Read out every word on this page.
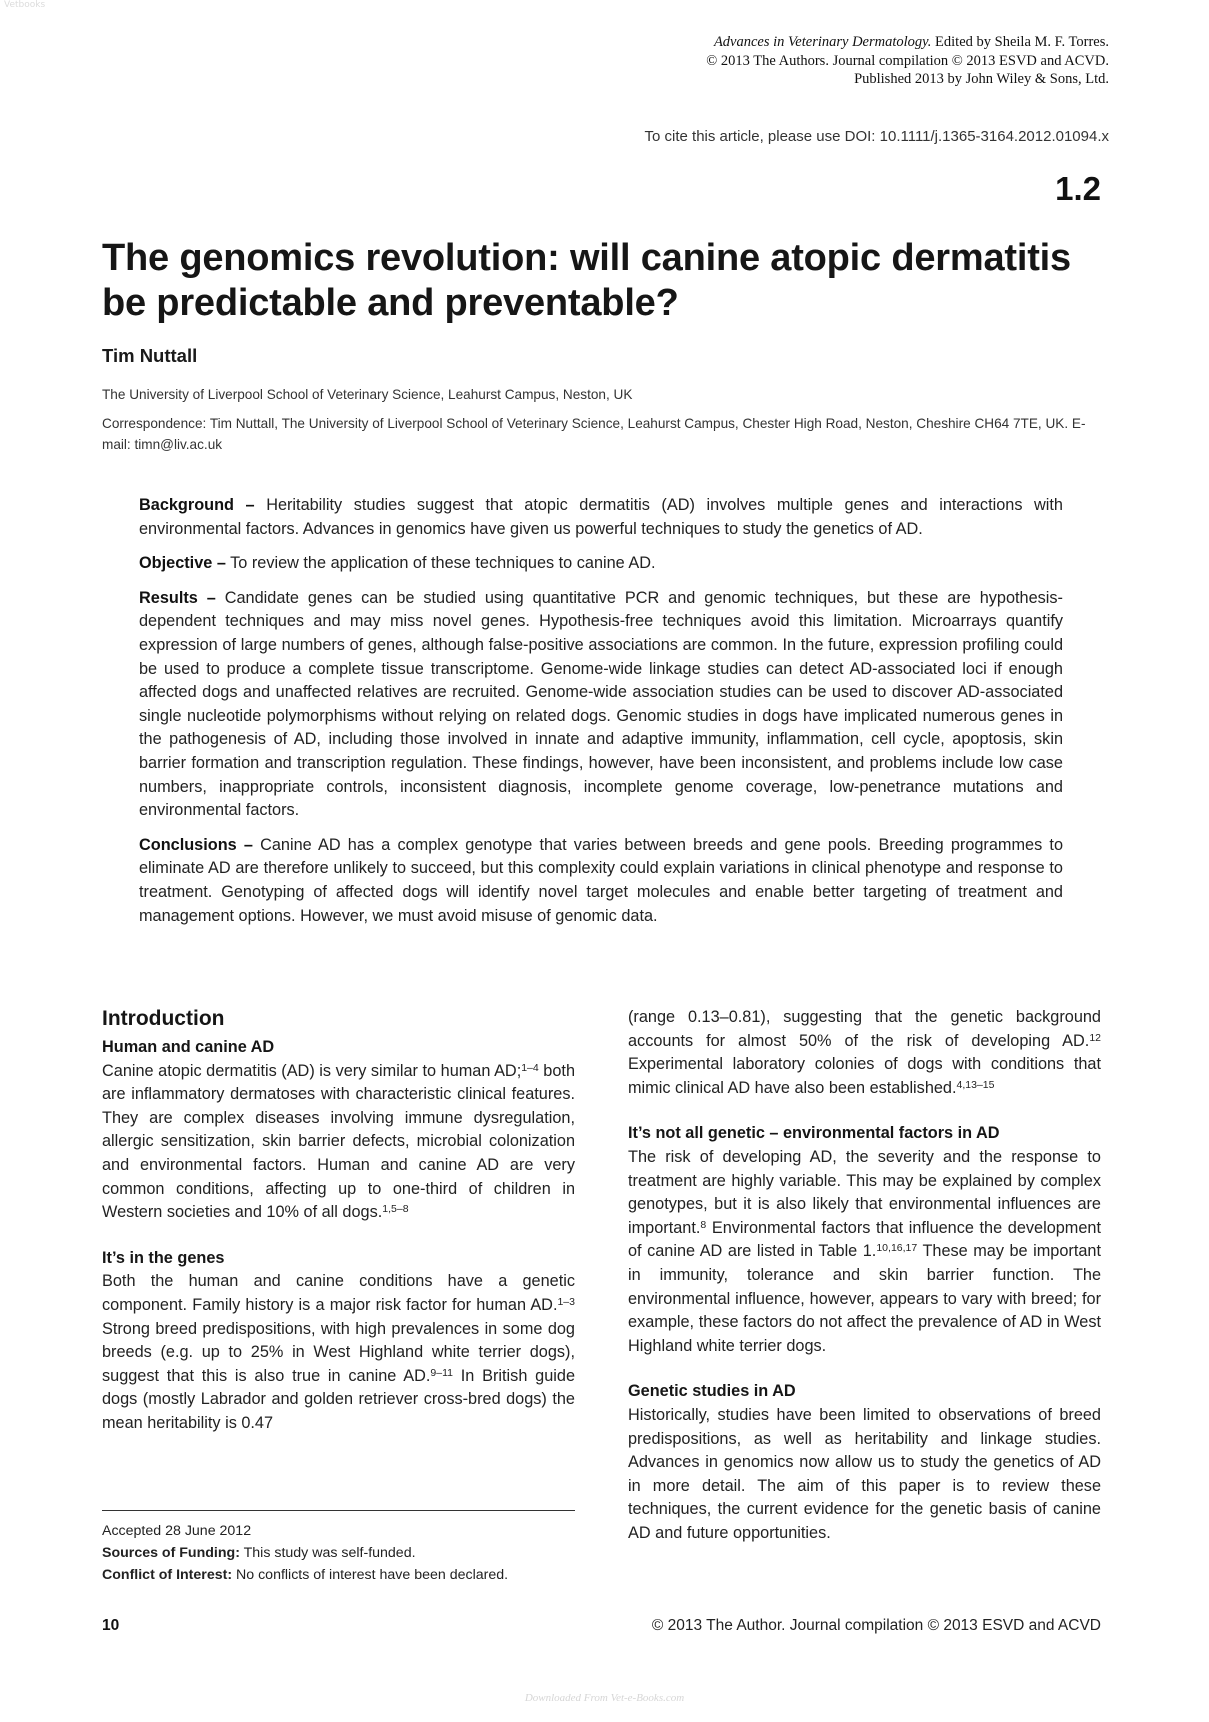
Vetbooks
Advances in Veterinary Dermatology. Edited by Sheila M. F. Torres.
© 2013 The Authors. Journal compilation © 2013 ESVD and ACVD.
Published 2013 by John Wiley & Sons, Ltd.
To cite this article, please use DOI: 10.1111/j.1365-3164.2012.01094.x
1.2
The genomics revolution: will canine atopic dermatitis
be predictable and preventable?
Tim Nuttall
The University of Liverpool School of Veterinary Science, Leahurst Campus, Neston, UK
Correspondence: Tim Nuttall, The University of Liverpool School of Veterinary Science, Leahurst Campus, Chester High Road, Neston, Cheshire CH64 7TE, UK. E-mail: timn@liv.ac.uk

Background – Heritability studies suggest that atopic dermatitis (AD) involves multiple genes and interactions with environmental factors. Advances in genomics have given us powerful techniques to study the genetics of AD.

Objective – To review the application of these techniques to canine AD.

Results – Candidate genes can be studied using quantitative PCR and genomic techniques, but these are hypothesis-dependent techniques and may miss novel genes. Hypothesis-free techniques avoid this limitation. Microarrays quantify expression of large numbers of genes, although false-positive associations are common. In the future, expression profiling could be used to produce a complete tissue transcriptome. Genome-wide linkage studies can detect AD-associated loci if enough affected dogs and unaffected relatives are recruited. Genome-wide association studies can be used to discover AD-associated single nucleotide polymorphisms without relying on related dogs. Genomic studies in dogs have implicated numerous genes in the pathogenesis of AD, including those involved in innate and adaptive immunity, inflammation, cell cycle, apoptosis, skin barrier formation and transcription regulation. These findings, however, have been inconsistent, and problems include low case numbers, inappropriate controls, inconsistent diagnosis, incomplete genome coverage, low-penetrance mutations and environmental factors.

Conclusions – Canine AD has a complex genotype that varies between breeds and gene pools. Breeding programmes to eliminate AD are therefore unlikely to succeed, but this complexity could explain variations in clinical phenotype and response to treatment. Genotyping of affected dogs will identify novel target molecules and enable better targeting of treatment and management options. However, we must avoid misuse of genomic data.

Introduction
Human and canine AD

Canine atopic dermatitis (AD) is very similar to human AD;$^{1-4}$ both are inflammatory dermatoses with characteristic clinical features. They are complex diseases involving immune dysregulation, allergic sensitization, skin barrier defects, microbial colonization and environmental factors. Human and canine AD are very common conditions, affecting up to one-third of children in Western societies and 10% of all dogs.$^{1,5-8}$

It’s in the genes

Both the human and canine conditions have a genetic component. Family history is a major risk factor for human AD.$^{1-3}$ Strong breed predispositions, with high prevalences in some dog breeds (e.g. up to 25% in West Highland white terrier dogs), suggest that this is also true in canine AD.$^{9-11}$ In British guide dogs (mostly Labrador and golden retriever cross-bred dogs) the mean heritability is 0.47

Accepted 28 June 2012

Sources of Funding: This study was self-funded.

Conflict of Interest: No conflicts of interest have been declared.

(range 0.13–0.81), suggesting that the genetic background accounts for almost 50% of the risk of developing AD.$^{12}$ Experimental laboratory colonies of dogs with conditions that mimic clinical AD have also been established.$^{4,13-15}$

It’s not all genetic – environmental factors in AD

The risk of developing AD, the severity and the response to treatment are highly variable. This may be explained by complex genotypes, but it is also likely that environmental influences are important.$^8$ Environmental factors that influence the development of canine AD are listed in Table 1.$^{10,16,17}$ These may be important in immunity, tolerance and skin barrier function. The environmental influence, however, appears to vary with breed; for example, these factors do not affect the prevalence of AD in West Highland white terrier dogs.

Genetic studies in AD

Historically, studies have been limited to observations of breed predispositions, as well as heritability and linkage studies. Advances in genomics now allow us to study the genetics of AD in more detail. The aim of this paper is to review these techniques, the current evidence for the genetic basis of canine AD and future opportunities.

10	© 2013 The Author. Journal compilation © 2013 ESVD and ACVD
Downloaded From Vet-e-Books.com
